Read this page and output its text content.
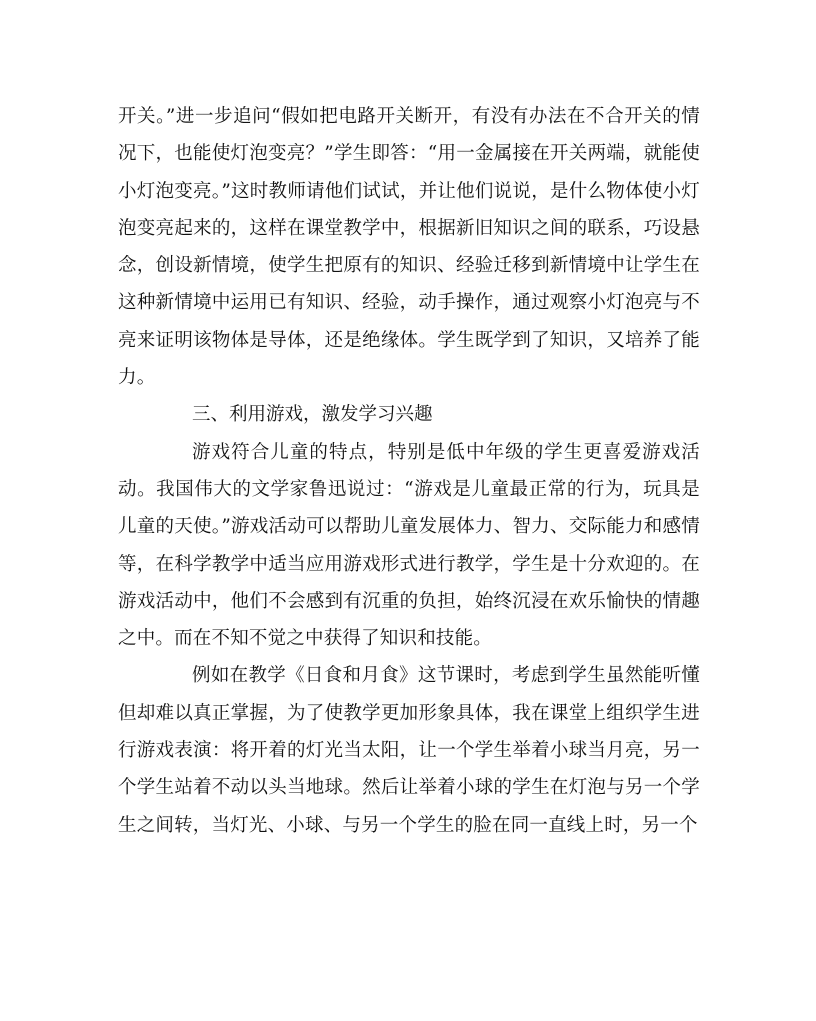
开关。”进一步追问“假如把电路开关断开，有没有办法在不合开关的情况下，也能使灯泡变亮？”学生即答：“用一金属接在开关两端，就能使小灯泡变亮。”这时教师请他们试试，并让他们说说，是什么物体使小灯泡变亮起来的，这样在课堂教学中，根据新旧知识之间的联系，巧设悬念，创设新情境，使学生把原有的知识、经验迁移到新情境中让学生在这种新情境中运用已有知识、经验，动手操作，通过观察小灯泡亮与不亮来证明该物体是导体，还是绝缘体。学生既学到了知识，又培养了能力。

三、利用游戏，激发学习兴趣

游戏符合儿童的特点，特别是低中年级的学生更喜爱游戏活动。我国伟大的文学家鲁迅说过：“游戏是儿童最正常的行为，玩具是儿童的天使。”游戏活动可以帮助儿童发展体力、智力、交际能力和感情等，在科学教学中适当应用游戏形式进行教学，学生是十分欢迎的。在游戏活动中，他们不会感到有沉重的负担，始终沉浸在欢乐愉快的情趣之中。而在不知不觉之中获得了知识和技能。

例如在教学《日食和月食》这节课时，考虑到学生虽然能听懂但却难以真正掌握，为了使教学更加形象具体，我在课堂上组织学生进行游戏表演：将开着的灯光当太阳，让一个学生举着小球当月亮，另一个学生站着不动以头当地球。然后让举着小球的学生在灯泡与另一个学生之间转，当灯光、小球、与另一个学生的脸在同一直线上时，另一个
